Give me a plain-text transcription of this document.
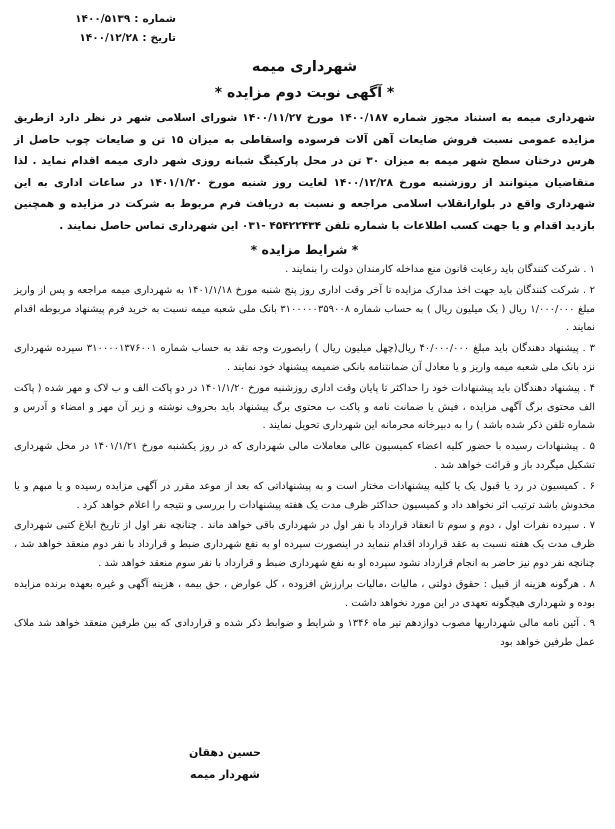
شماره
:
۱۴۰۰/۵۱۳۹
تاریخ
:
۱۴۰۰/۱۲/۲۸
شهرداری میمه
* آگهی نوبت دوم مزایده *

شهرداری میمه به استناد مجوز شماره ۱۴۰۰/۱۸۷ مورخ ۱۴۰۰/۱۱/۲۷ شورای اسلامی شهر در نظر دارد ازطریق مزایده عمومی نسبت فروش ضایعات آهن آلات فرسوده واسقاطی به میزان ۱۵ تن و ضایعات چوب حاصل از هرس درختان سطح شهر میمه به میزان ۳۰ تن در محل پارکینگ شبانه روزی شهر داری میمه اقدام نماید . لذا متقاضیان میتوانند از روزشنبه مورخ ۱۴۰۰/۱۲/۲۸ لغایت روز شنبه مورخ ۱۴۰۱/۱/۲۰ در ساعات اداری به این شهرداری واقع در بلوارانقلاب اسلامی مراجعه و نسبت به دریافت فرم مربوط به شرکت در مزایده و همچنین بازدید اقدام و یا جهت کسب اطلاعات با شماره تلفن ۴۵۴۲۲۴۳۴ -۰۳۱ این شهرداری تماس حاصل نمایند .

* شرایط مزایده *
۱ . شرکت کنندگان باید رعایت قانون منع مداخله کارمندان دولت را بنمایند .
۲ . شرکت کنندگان باید جهت اخذ مدارک مزایده تا آخر وقت اداری روز پنج شنبه مورخ ۱۴۰۱/۱/۱۸ به شهرداری میمه مراجعه و پس از واریز مبلغ ۱/۰۰۰/۰۰۰ ریال ( یک میلیون ریال ) به حساب شماره ۳۱۰۰۰۰۰۳۵۹۰۰۸ بانک ملی شعبه میمه نسبت به خرید فرم پیشنهاد مربوطه اقدام نمایند .
۳ . پیشنهاد دهندگان باید مبلغ ۴۰/۰۰۰/۰۰۰ ریال(چهل میلیون ریال ) رابصورت وجه نقد به حساب شماره ۳۱۰۰۰۰۱۳۷۶۰۰۱ سپرده شهرداری نزد بانک ملی شعبه میمه واریز و یا معادل آن ضمانتنامه بانکی ضمیمه پیشنهاد خود نمایند .
۴ . پیشنهاد دهندگان باید پیشنهادات خود را حداکثر تا پایان وقت اداری روزشنبه مورخ ۱۴۰۱/۱/۲۰ در دو پاکت الف و ب لاک و مهر شده ( پاکت الف محتوی برگ آگهی مزایده ، فیش یا ضمانت نامه و پاکت ب محتوی برگ پیشنهاد باید بحروف نوشته و زیر آن مهر و امضاء و آدرس و شماره تلفن ذکر شده باشد ) را به دبیرخانه محرمانه این شهرداری تحویل نمایند .
۵ . پیشنهادات رسیده با حضور کلیه اعضاء کمیسیون عالی معاملات مالی شهرداری که در روز یکشنبه مورخ ۱۴۰۱/۱/۲۱ در محل شهرداری تشکیل میگردد باز و قرائت خواهد شد .
۶ . کمیسیون در رد یا قبول یک یا کلیه پیشنهادات مختار است و به پیشنهاداتی که بعد از موعد مقرر در آگهی مزایده رسیده و یا مبهم و یا مخدوش باشد ترتیب اثر نخواهد داد و کمیسیون حداکثر ظرف مدت یک هفته پیشنهادات را بررسی و نتیجه را اعلام خواهد کرد .
۷ . سپرده نفرات اول ، دوم و سوم تا انعقاد قرارداد با نفر اول در شهرداری باقی خواهد ماند . چنانچه نفر اول از تاریخ ابلاغ کتبی شهرداری ظرف مدت یک هفته نسبت به عقد قرارداد اقدام ننماید در اینصورت سپرده او به نفع شهرداری ضبط و قرارداد با نفر دوم منعقد خواهد شد ، چنانچه نفر دوم نیز حاضر به انجام قرارداد نشود سپرده او به نفع شهرداری ضبط و قرارداد با نفر سوم منعقد خواهد شد .
۸ . هرگونه هزینه از قبیل : حقوق دولتی ، مالیات ،مالیات برارزش افزوده ، کل عوارض ، حق بیمه ، هزینه آگهی و غیره بعهده برنده مزایده بوده و شهرداری هیچگونه تعهدی در این مورد نخواهد داشت .
۹ . آئین نامه مالی شهرداریها مصوب دوازدهم تیر ماه ۱۳۴۶ و شرایط و ضوابط ذکر شده و قراردادی که بین طرفین منعقد خواهد شد ملاک عمل طرفین خواهد بود
حسین دهقان
شهردار میمه
